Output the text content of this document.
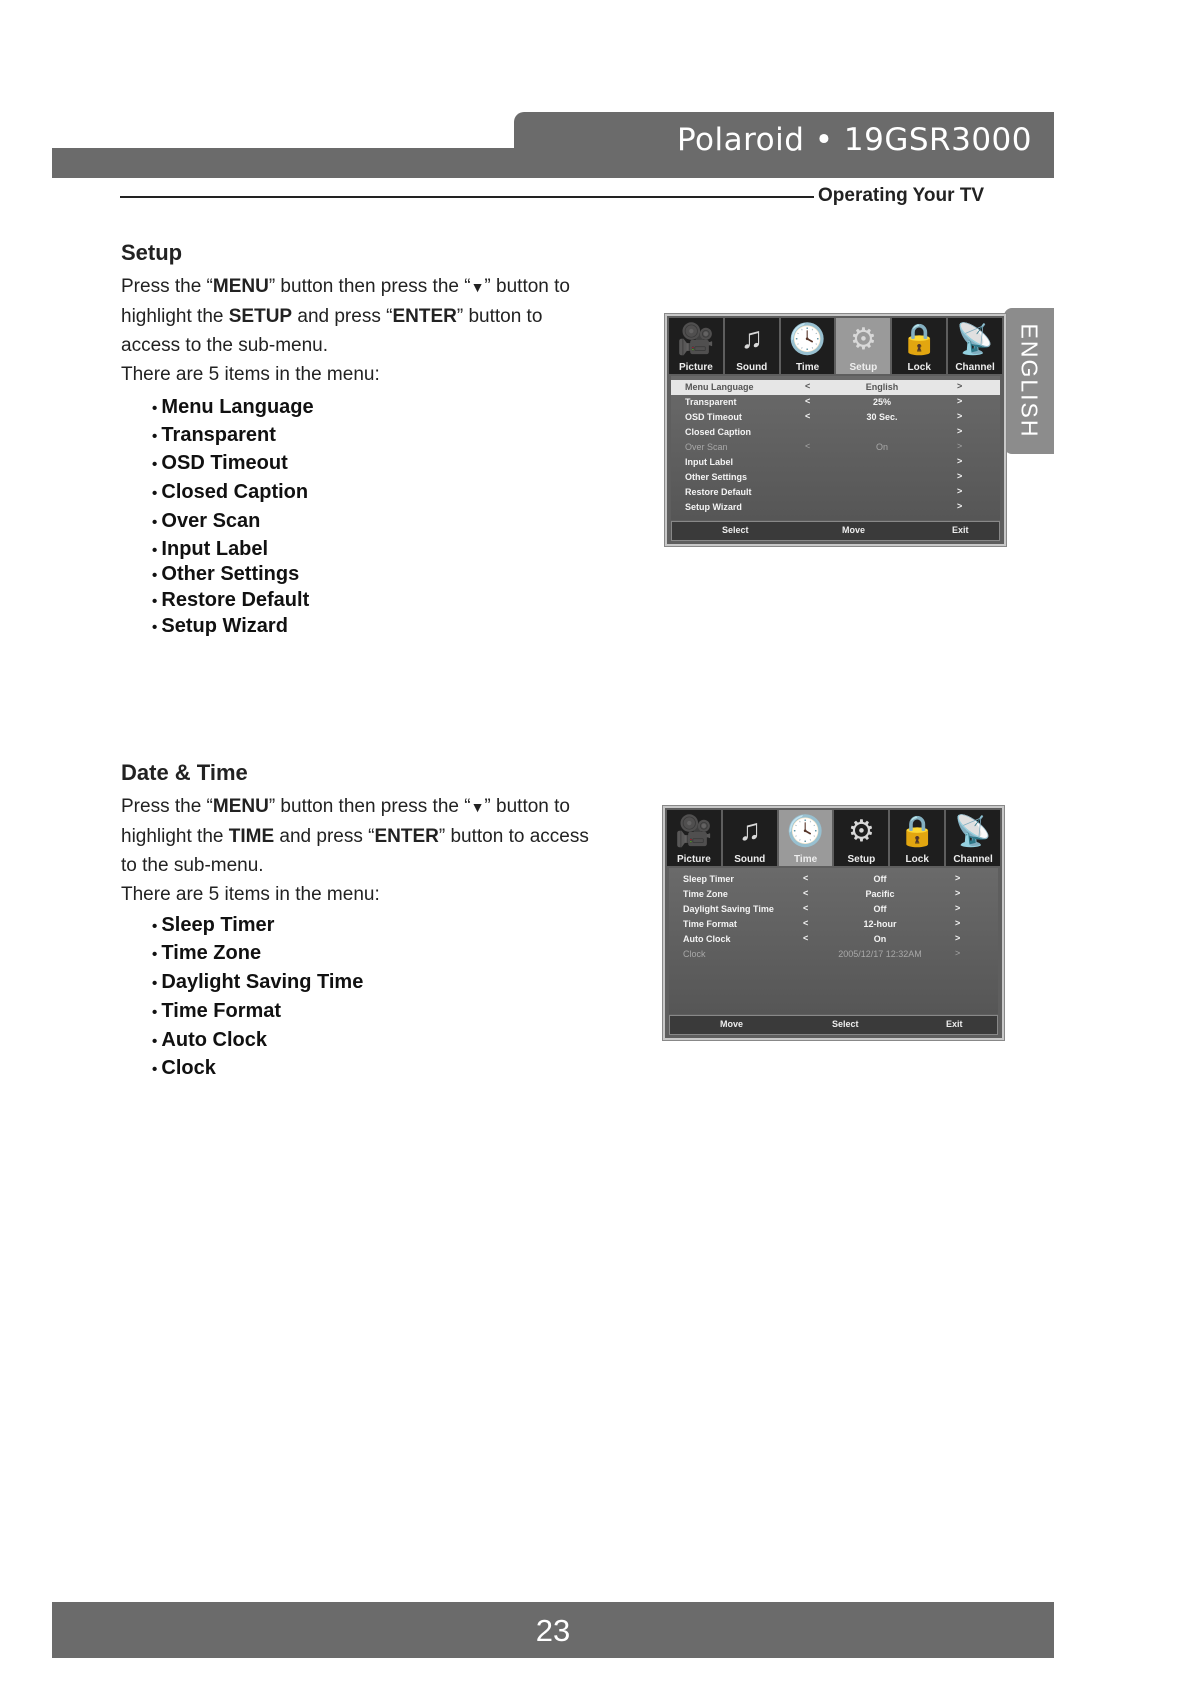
Polaroid • 19GSR3000
Operating Your TV
ENGLISH
Setup
Press the “MENU” button then press the “▼” button to highlight the SETUP and press “ENTER” button to access to the sub-menu.
There are 5 items in the menu:
• Menu Language
• Transparent
• OSD Timeout
• Closed Caption
• Over Scan
• Input Label
• Other Settings
• Restore Default
• Setup Wizard
🎥
Picture
♫
Sound
🕓
Time
⚙
Setup
🔒
Lock
📡
Channel
Menu Language	<	English	>
Transparent	<	25%	>
OSD Timeout	<	30 Sec.	>
Closed Caption	>
Over Scan	<	On	>
Input Label	>
Other Settings	>
Restore Default	>
Setup Wizard	>
Select	Move	Exit
Date & Time
Press the “MENU” button then press the “▼” button to highlight the TIME and press “ENTER” button to access to the sub-menu.
There are 5 items in the menu:
• Sleep Timer
• Time Zone
• Daylight Saving Time
• Time Format
• Auto Clock
• Clock
🎥
Picture
♫
Sound
🕓
Time
⚙
Setup
🔒
Lock
📡
Channel
Sleep Timer	<	Off	>
Time Zone	<	Pacific	>
Daylight Saving Time	<	Off	>
Time Format	<	12-hour	>
Auto Clock	<	On	>
Clock	2005/12/17 12:32AM	>
Move	Select	Exit
23
